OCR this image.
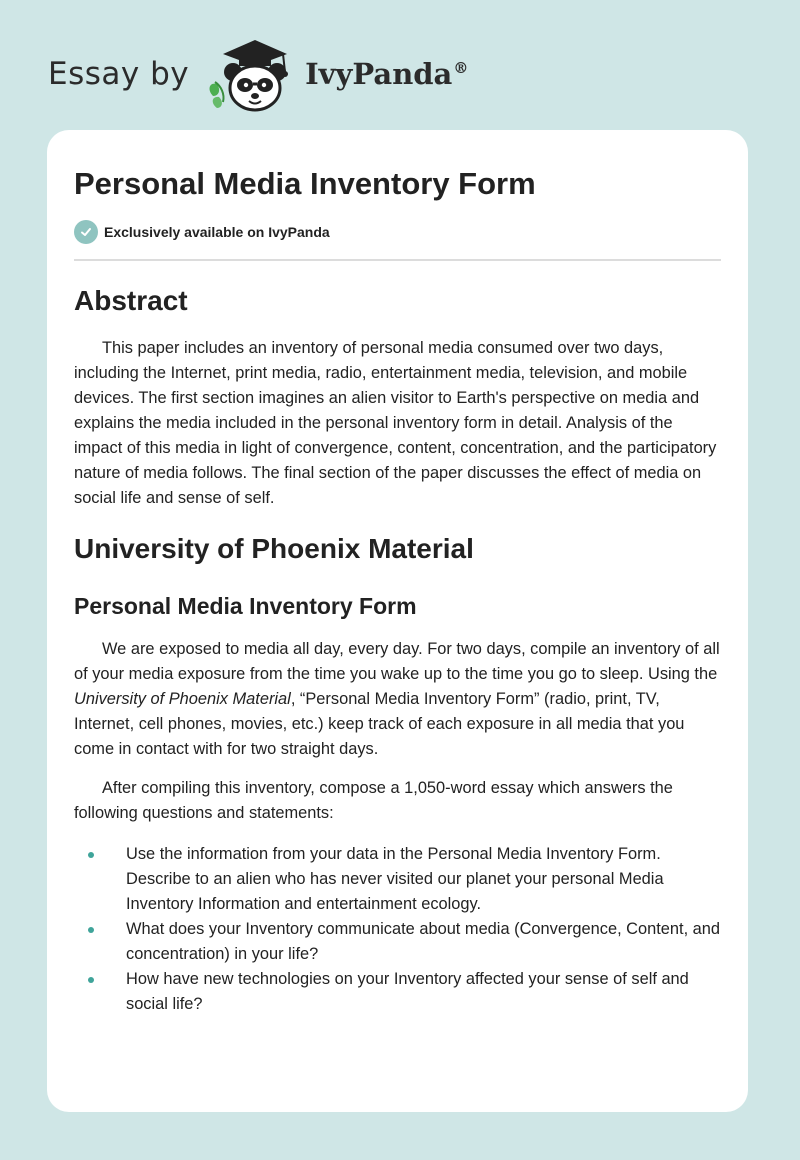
Essay by	IvyPanda®
Personal Media Inventory Form
Exclusively available on IvyPanda
Abstract

This paper includes an inventory of personal media consumed over two days, including the Internet, print media, radio, entertainment media, television, and mobile devices. The first section imagines an alien visitor to Earth's perspective on media and explains the media included in the personal inventory form in detail. Analysis of the impact of this media in light of convergence, content, concentration, and the participatory nature of media follows. The final section of the paper discusses the effect of media on social life and sense of self.

University of Phoenix Material
Personal Media Inventory Form

We are exposed to media all day, every day. For two days, compile an inventory of all of your media exposure from the time you wake up to the time you go to sleep. Using the University of Phoenix Material, “Personal Media Inventory Form” (radio, print, TV, Internet, cell phones, movies, etc.) keep track of each exposure in all media that you come in contact with for two straight days.

After compiling this inventory, compose a 1,050-word essay which answers the following questions and statements:

Use the information from your data in the Personal Media Inventory Form. Describe to an alien who has never visited our planet your personal Media Inventory Information and entertainment ecology.
What does your Inventory communicate about media (Convergence, Content, and concentration) in your life?
How have new technologies on your Inventory affected your sense of self and social life?
